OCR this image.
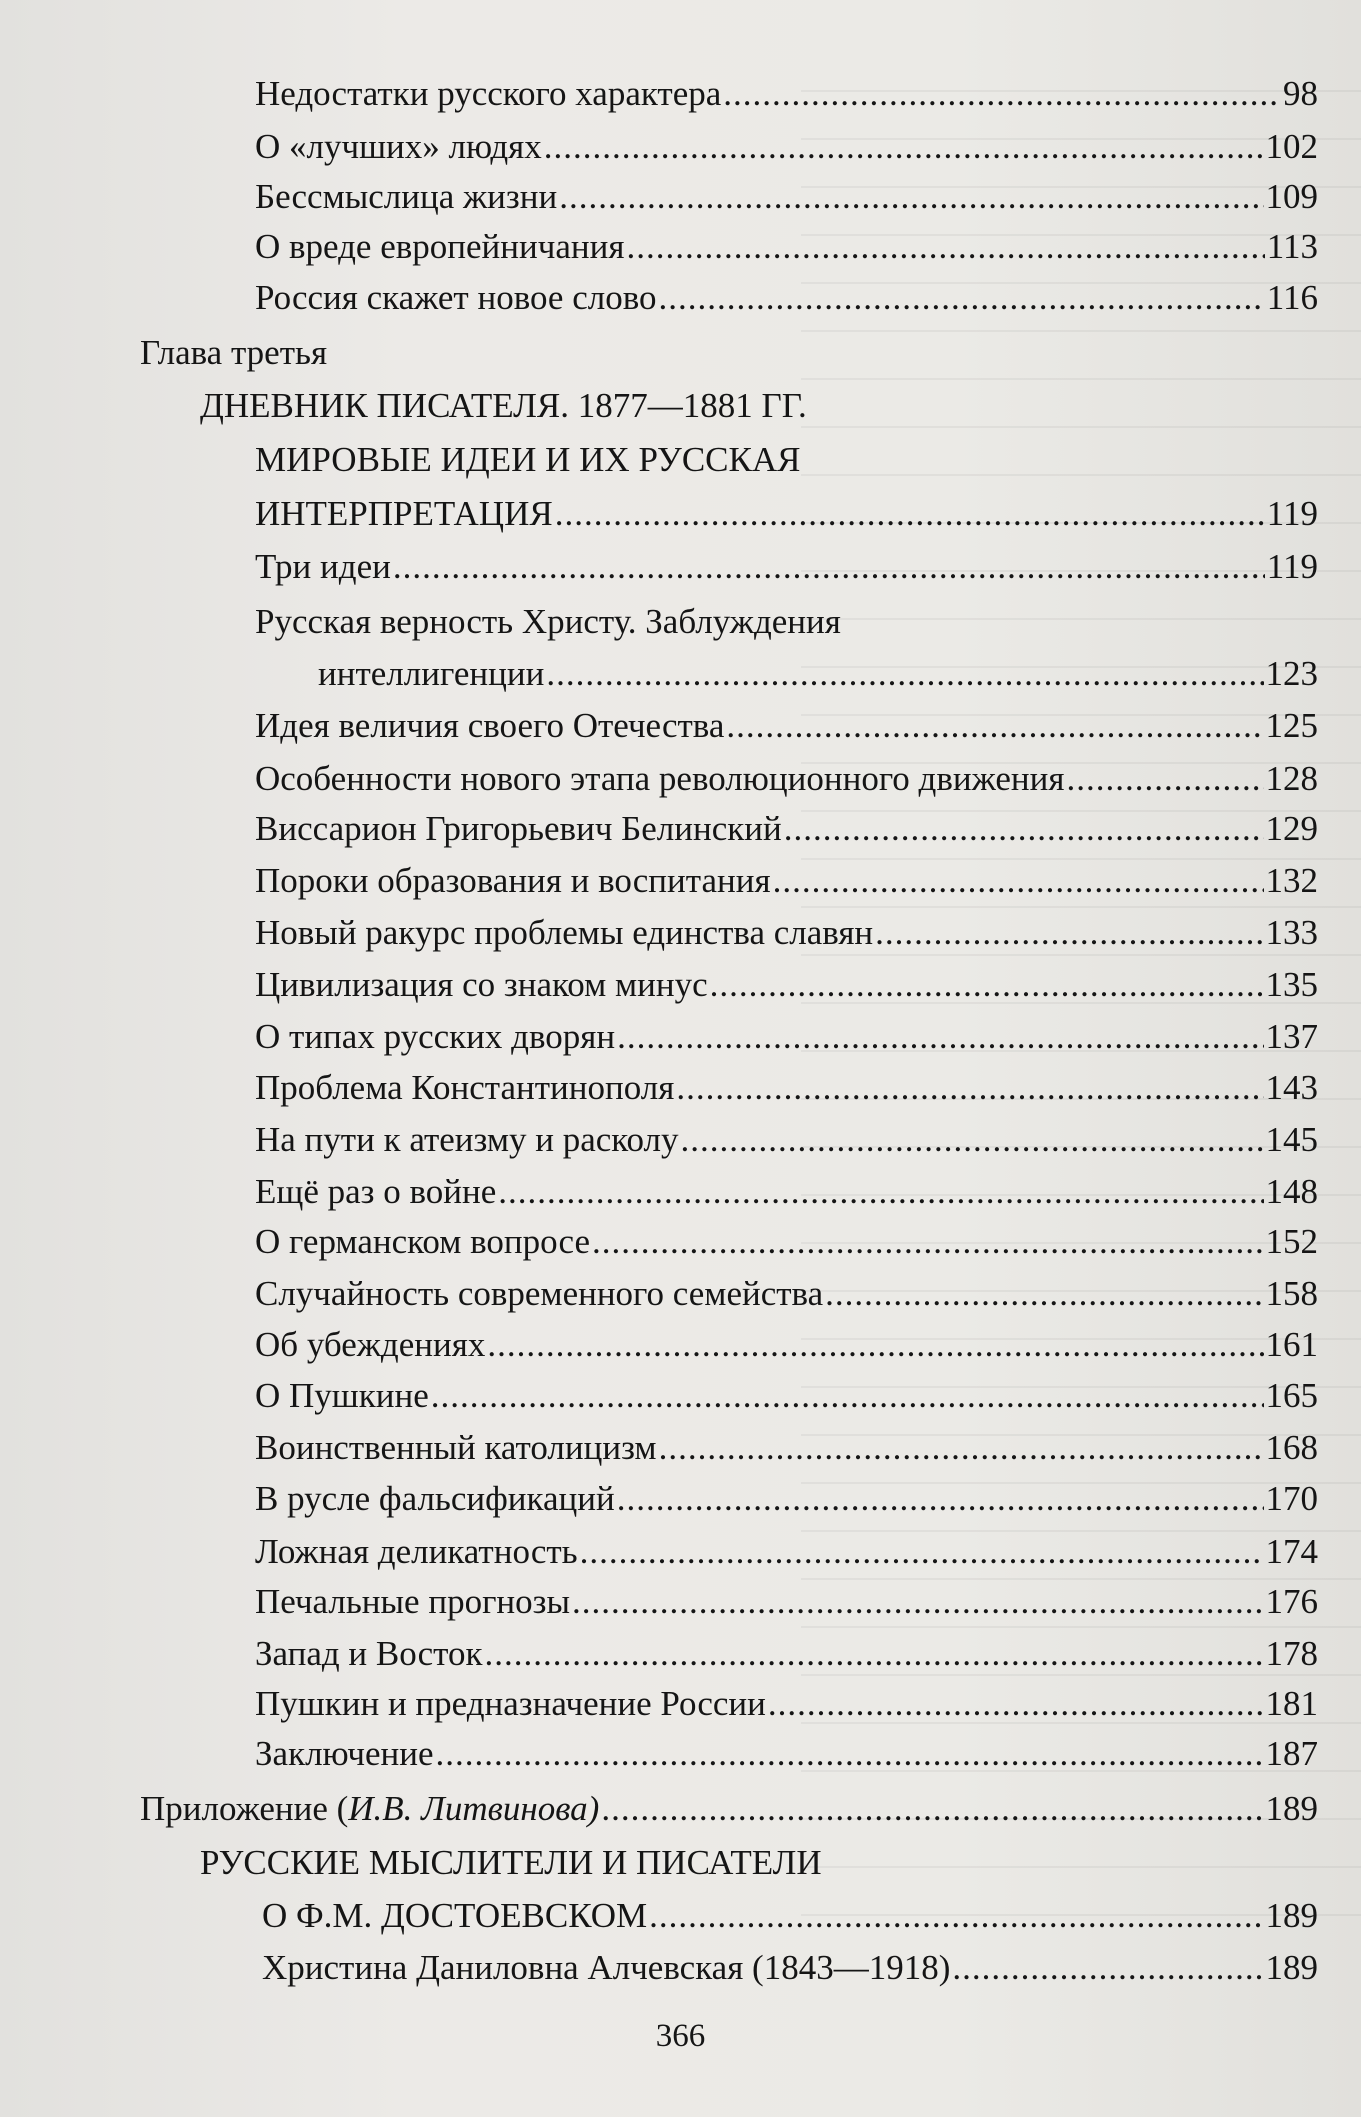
Недостатки русского характера .....	98
О «лучших» людях .....	102
Бессмыслица жизни .....	109
О вреде европейничания .....	113
Россия скажет новое слово .....	116
Глава третья
ДНЕВНИК ПИСАТЕЛЯ. 1877—1881 ГГ.
МИРОВЫЕ ИДЕИ И ИХ РУССКАЯ
ИНТЕРПРЕТАЦИЯ .....	119
Три идеи .....	119
Русская верность Христу. Заблуждения
интеллигенции .....	123
Идея величия своего Отечества .....	125
Особенности нового этапа революционного движения .....	128
Виссарион Григорьевич Белинский .....	129
Пороки образования и воспитания .....	132
Новый ракурс проблемы единства славян .....	133
Цивилизация со знаком минус .....	135
О типах русских дворян .....	137
Проблема Константинополя .....	143
На пути к атеизму и расколу .....	145
Ещё раз о войне .....	148
О германском вопросе .....	152
Случайность современного семейства .....	158
Об убеждениях .....	161
О Пушкине .....	165
Воинственный католицизм .....	168
В русле фальсификаций .....	170
Ложная деликатность .....	174
Печальные прогнозы .....	176
Запад и Восток .....	178
Пушкин и предназначение России .....	181
Заключение .....	187
Приложение ( И.В. Литвинова) .....	189
РУССКИЕ МЫСЛИТЕЛИ И ПИСАТЕЛИ
О Ф.М. ДОСТОЕВСКОМ .....	189
Христина Даниловна Алчевская (1843—1918) .....	189
366
